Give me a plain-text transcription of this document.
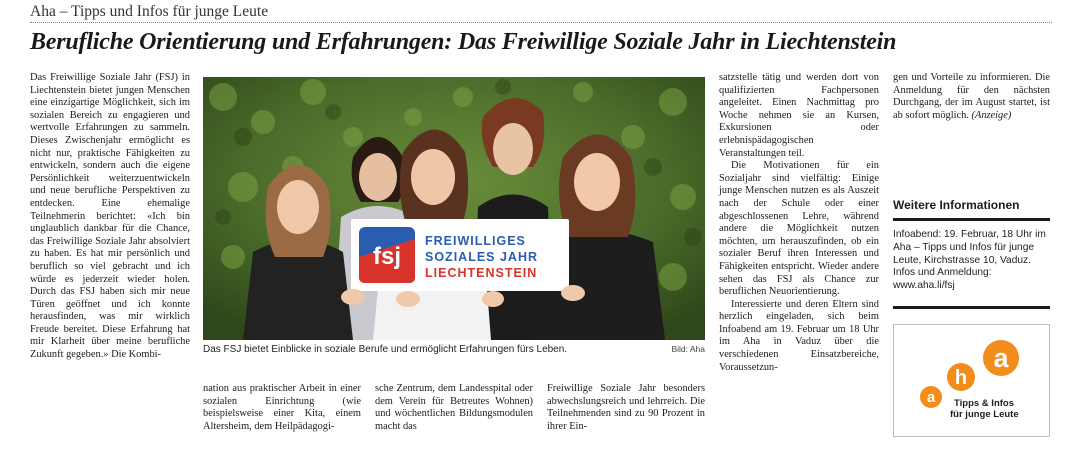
Aha – Tipps und Infos für junge Leute
Berufliche Orientierung und Erfahrungen: Das Freiwillige Soziale Jahr in Liechtenstein
Das Freiwillige Soziale Jahr (FSJ) in Liechtenstein bietet jungen Menschen eine einzigartige Möglichkeit, sich im sozialen Bereich zu engagieren und wertvolle Erfahrungen zu sammeln. Dieses Zwischenjahr ermöglicht es nicht nur, praktische Fähigkeiten zu entwickeln, sondern auch die eigene Persönlichkeit weiterzuentwickeln und neue berufliche Perspektiven zu entdecken. Eine ehemalige Teilnehmerin berichtet: «Ich bin unglaublich dankbar für die Chance, das Freiwillige Soziale Jahr absolviert zu haben. Es hat mir persönlich und beruflich so viel gebracht und ich würde es jederzeit wieder holen. Durch das FSJ haben sich mir neue Türen geöffnet und ich konnte herausfinden, was mir wirklich Freude bereitet. Diese Erfahrung hat mir Klarheit über meine berufliche Zukunft gegeben.» Die Kombi-
fsj
FREIWILLIGES
SOZIALES JAHR
LIECHTENSTEIN
Das FSJ bietet Einblicke in soziale Berufe und ermöglicht Erfahrungen fürs Leben.	Bild: Aha
nation aus praktischer Arbeit in einer sozialen Einrichtung (wie beispielsweise einer Kita, einem Altersheim, dem Heilpädagogi-
sche Zentrum, dem Landesspital oder dem Verein für Betreutes Wohnen) und wöchentlichen Bildungsmodulen macht das
Freiwillige Soziale Jahr besonders abwechslungsreich und lehrreich. Die Teilnehmenden sind zu 90 Prozent in ihrer Ein-

satzstelle tätig und werden dort von qualifizierten Fachpersonen angeleitet. Einen Nachmittag pro Woche nehmen sie an Kursen, Exkursionen oder erlebnispädagogischen Veranstaltungen teil.

Die Motivationen für ein Sozialjahr sind vielfältig: Einige junge Menschen nutzen es als Auszeit nach der Schule oder einer abgeschlossenen Lehre, während andere die Möglichkeit nutzen möchten, um herauszufinden, ob ein sozialer Beruf ihren Interessen und Fähigkeiten entspricht. Wieder andere sehen das FSJ als Chance zur beruflichen Neuorientierung.

Interessierte und deren Eltern sind herzlich eingeladen, sich beim Infoabend am 19. Februar um 18 Uhr im Aha in Vaduz über die verschiedenen Einsatzbereiche, Voraussetzun-

gen und Vorteile zu informieren. Die Anmeldung für den nächsten Durchgang, der im August startet, ist ab sofort möglich. (Anzeige)
Weitere Informationen
Infoabend: 19. Februar, 18 Uhr im Aha – Tipps und Infos für junge Leute, Kirchstrasse 10, Vaduz. Infos und Anmeldung: www.aha.li/fsj
a
h
a
Tipps & Infos
für junge Leute
